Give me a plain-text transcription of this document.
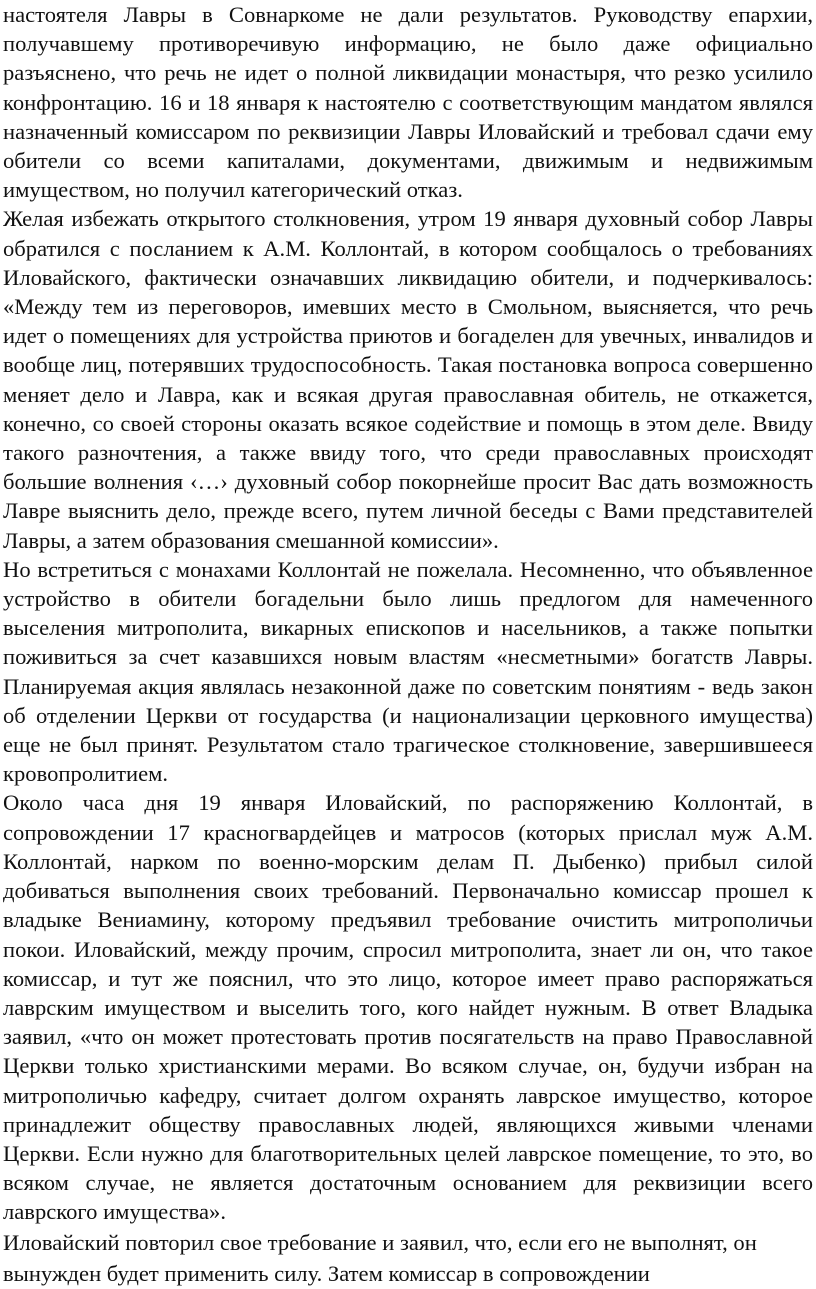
настоятеля Лавры в Совнаркоме не дали результатов. Руководству епархии, получавшему противоречивую информацию, не было даже официально разъяснено, что речь не идет о полной ликвидации монастыря, что резко усилило конфронтацию. 16 и 18 января к настоятелю с соответствующим мандатом являлся назначенный комиссаром по реквизиции Лавры Иловайский и требовал сдачи ему обители со всеми капиталами, документами, движимым и недвижимым имуществом, но получил категорический отказ.

Желая избежать открытого столкновения, утром 19 января духовный собор Лавры обратился с посланием к А.М. Коллонтай, в котором сообщалось о требованиях Иловайского, фактически означавших ликвидацию обители, и подчеркивалось: «Между тем из переговоров, имевших место в Смольном, выясняется, что речь идет о помещениях для устройства приютов и богаделен для увечных, инвалидов и вообще лиц, потерявших трудоспособность. Такая постановка вопроса совершенно меняет дело и Лавра, как и всякая другая православная обитель, не откажется, конечно, со своей стороны оказать всякое содействие и помощь в этом деле. Ввиду такого разночтения, а также ввиду того, что среди православных происходят большие волнения ‹…› духовный собор покорнейше просит Вас дать возможность Лавре выяснить дело, прежде всего, путем личной беседы с Вами представителей Лавры, а затем образования смешанной комиссии».

Но встретиться с монахами Коллонтай не пожелала. Несомненно, что объявленное устройство в обители богадельни было лишь предлогом для намеченного выселения митрополита, викарных епископов и насельников, а также попытки поживиться за счет казавшихся новым властям «несметными» богатств Лавры. Планируемая акция являлась незаконной даже по советским понятиям - ведь закон об отделении Церкви от государства (и национализации церковного имущества) еще не был принят. Результатом стало трагическое столкновение, завершившееся кровопролитием.

Около часа дня 19 января Иловайский, по распоряжению Коллонтай, в сопровождении 17 красногвардейцев и матросов (которых прислал муж А.М. Коллонтай, нарком по военно-морским делам П. Дыбенко) прибыл силой добиваться выполнения своих требований. Первоначально комиссар прошел к владыке Вениамину, которому предъявил требование очистить митрополичьи покои. Иловайский, между прочим, спросил митрополита, знает ли он, что такое комиссар, и тут же пояснил, что это лицо, которое имеет право распоряжаться лаврским имуществом и выселить того, кого найдет нужным. В ответ Владыка заявил, «что он может протестовать против посягательств на право Православной Церкви только христианскими мерами. Во всяком случае, он, будучи избран на митрополичью кафедру, считает долгом охранять лаврское имущество, которое принадлежит обществу православных людей, являющихся живыми членами Церкви. Если нужно для благотворительных целей лаврское помещение, то это, во всяком случае, не является достаточным основанием для реквизиции всего лаврского имущества».

Иловайский повторил свое требование и заявил, что, если его не выполнят, он вынужден будет применить силу. Затем комиссар в сопровождении
